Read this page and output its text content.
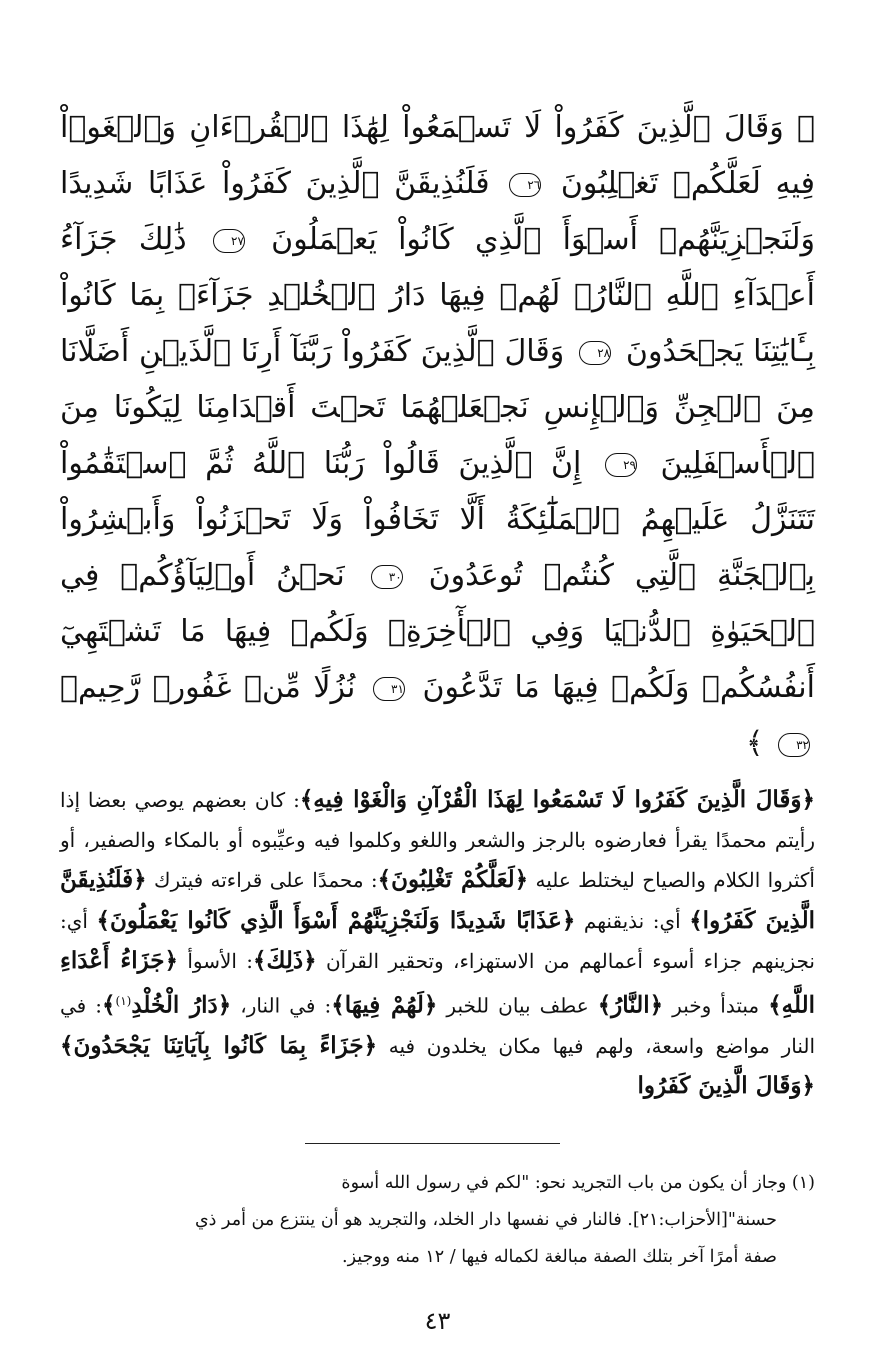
﴿ وَقَالَ ٱلَّذِينَ كَفَرُواْ لَا تَسۡمَعُواْ لِهَٰذَا ٱلۡقُرۡءَانِ وَٱلۡغَوۡاْ فِيهِ لَعَلَّكُمۡ تَغۡلِبُونَ ٢٦ فَلَنُذِيقَنَّ ٱلَّذِينَ كَفَرُواْ عَذَابًا شَدِيدًا وَلَنَجۡزِيَنَّهُمۡ أَسۡوَأَ ٱلَّذِي كَانُواْ يَعۡمَلُونَ ٢٧ ذَٰلِكَ جَزَآءُ أَعۡدَآءِ ٱللَّهِ ٱلنَّارُۖ لَهُمۡ فِيهَا دَارُ ٱلۡخُلۡدِ جَزَآءَۢ بِمَا كَانُواْ بِـَٔايَٰتِنَا يَجۡحَدُونَ ٢٨ وَقَالَ ٱلَّذِينَ كَفَرُواْ رَبَّنَآ أَرِنَا ٱلَّذَيۡنِ أَضَلَّانَا مِنَ ٱلۡجِنِّ وَٱلۡإِنسِ نَجۡعَلۡهُمَا تَحۡتَ أَقۡدَامِنَا لِيَكُونَا مِنَ ٱلۡأَسۡفَلِينَ ٢٩ إِنَّ ٱلَّذِينَ قَالُواْ رَبُّنَا ٱللَّهُ ثُمَّ ٱسۡتَقَٰمُواْ تَتَنَزَّلُ عَلَيۡهِمُ ٱلۡمَلَٰٓئِكَةُ أَلَّا تَخَافُواْ وَلَا تَحۡزَنُواْ وَأَبۡشِرُواْ بِٱلۡجَنَّةِ ٱلَّتِي كُنتُمۡ تُوعَدُونَ ٣٠ نَحۡنُ أَوۡلِيَآؤُكُمۡ فِي ٱلۡحَيَوٰةِ ٱلدُّنۡيَا وَفِي ٱلۡأٓخِرَةِۖ وَلَكُمۡ فِيهَا مَا تَشۡتَهِيٓ أَنفُسُكُمۡ وَلَكُمۡ فِيهَا مَا تَدَّعُونَ ٣١ نُزُلًا مِّنۡ غَفُورٖ رَّحِيمٖ ٣٢ ﴾

﴿وَقَالَ الَّذِينَ كَفَرُوا لَا تَسْمَعُوا لِهَذَا الْقُرْآنِ وَالْغَوْا فِيهِ﴾: كان بعضهم يوصي بعضا إذا رأيتم محمدًا يقرأ فعارضوه بالرجز والشعر واللغو وكلموا فيه وعيِّبوه أو بالمكاء والصفير، أو أكثروا الكلام والصياح ليختلط عليه ﴿لَعَلَّكُمْ تَغْلِبُونَ﴾: محمدًا على قراءته فيترك ﴿فَلَنُذِيقَنَّ الَّذِينَ كَفَرُوا﴾ أي: نذيقنهم ﴿عَذَابًا شَدِيدًا وَلَنَجْزِيَنَّهُمْ أَسْوَأَ الَّذِي كَانُوا يَعْمَلُونَ﴾ أي: نجزينهم جزاء أسوء أعمالهم من الاستهزاء، وتحقير القرآن ﴿ذَلِكَ﴾: الأسوأ ﴿جَزَاءُ أَعْدَاءِ اللَّهِ﴾ مبتدأ وخبر ﴿النَّارُ﴾ عطف بيان للخبر ﴿لَهُمْ فِيهَا﴾: في النار، ﴿دَارُ الْخُلْدِ$^{(١)}$﴾: في النار مواضع واسعة، ولهم فيها مكان يخلدون فيه ﴿جَزَاءً بِمَا كَانُوا بِآيَاتِنَا يَجْحَدُونَ﴾ ﴿وَقَالَ الَّذِينَ كَفَرُوا

(١) وجاز أن يكون من باب التجريد نحو: "لكم في رسول الله أسوة
حسنة"[الأحزاب:٢١]. فالنار في نفسها دار الخلد، والتجريد هو أن ينتزع من أمر ذي
صفة أمرًا آخر بتلك الصفة مبالغة لكماله فيها / ١٢ منه ووجيز.
٤٣
